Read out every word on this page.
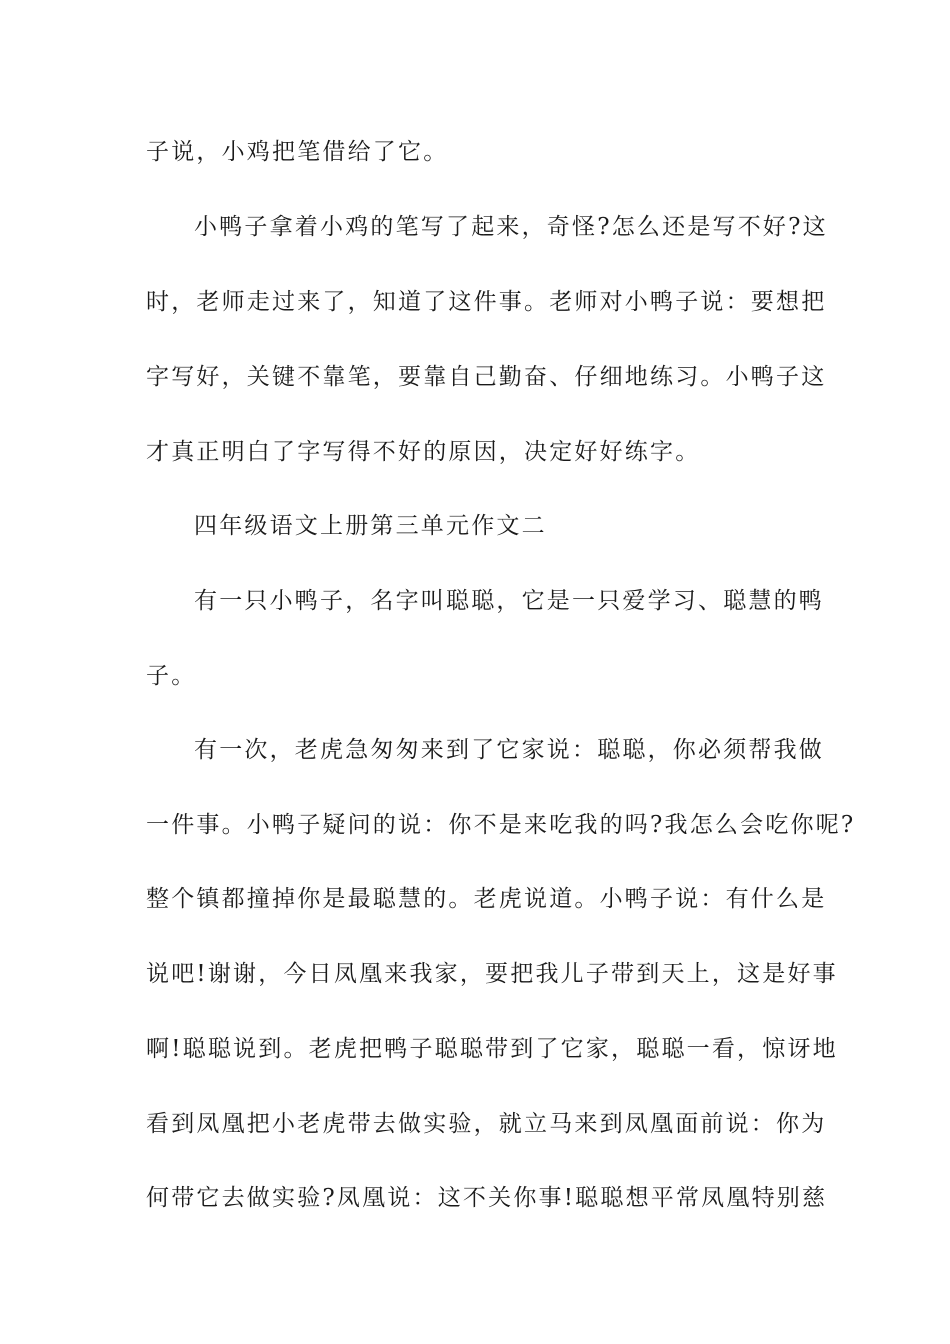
子说，小鸡把笔借给了它。
小鸭子拿着小鸡的笔写了起来，奇怪?怎么还是写不好?这
时，老师走过来了，知道了这件事。老师对小鸭子说：要想把
字写好，关键不靠笔，要靠自己勤奋、仔细地练习。小鸭子这
才真正明白了字写得不好的原因，决定好好练字。
四年级语文上册第三单元作文二
有一只小鸭子，名字叫聪聪，它是一只爱学习、聪慧的鸭
子。
有一次，老虎急匆匆来到了它家说：聪聪，你必须帮我做
一件事。小鸭子疑问的说：你不是来吃我的吗?我怎么会吃你呢?
整个镇都撞掉你是最聪慧的。老虎说道。小鸭子说：有什么是
说吧!谢谢，今日凤凰来我家，要把我儿子带到天上，这是好事
啊!聪聪说到。老虎把鸭子聪聪带到了它家，聪聪一看，惊讶地
看到凤凰把小老虎带去做实验，就立马来到凤凰面前说：你为
何带它去做实验?凤凰说：这不关你事!聪聪想平常凤凰特别慈
